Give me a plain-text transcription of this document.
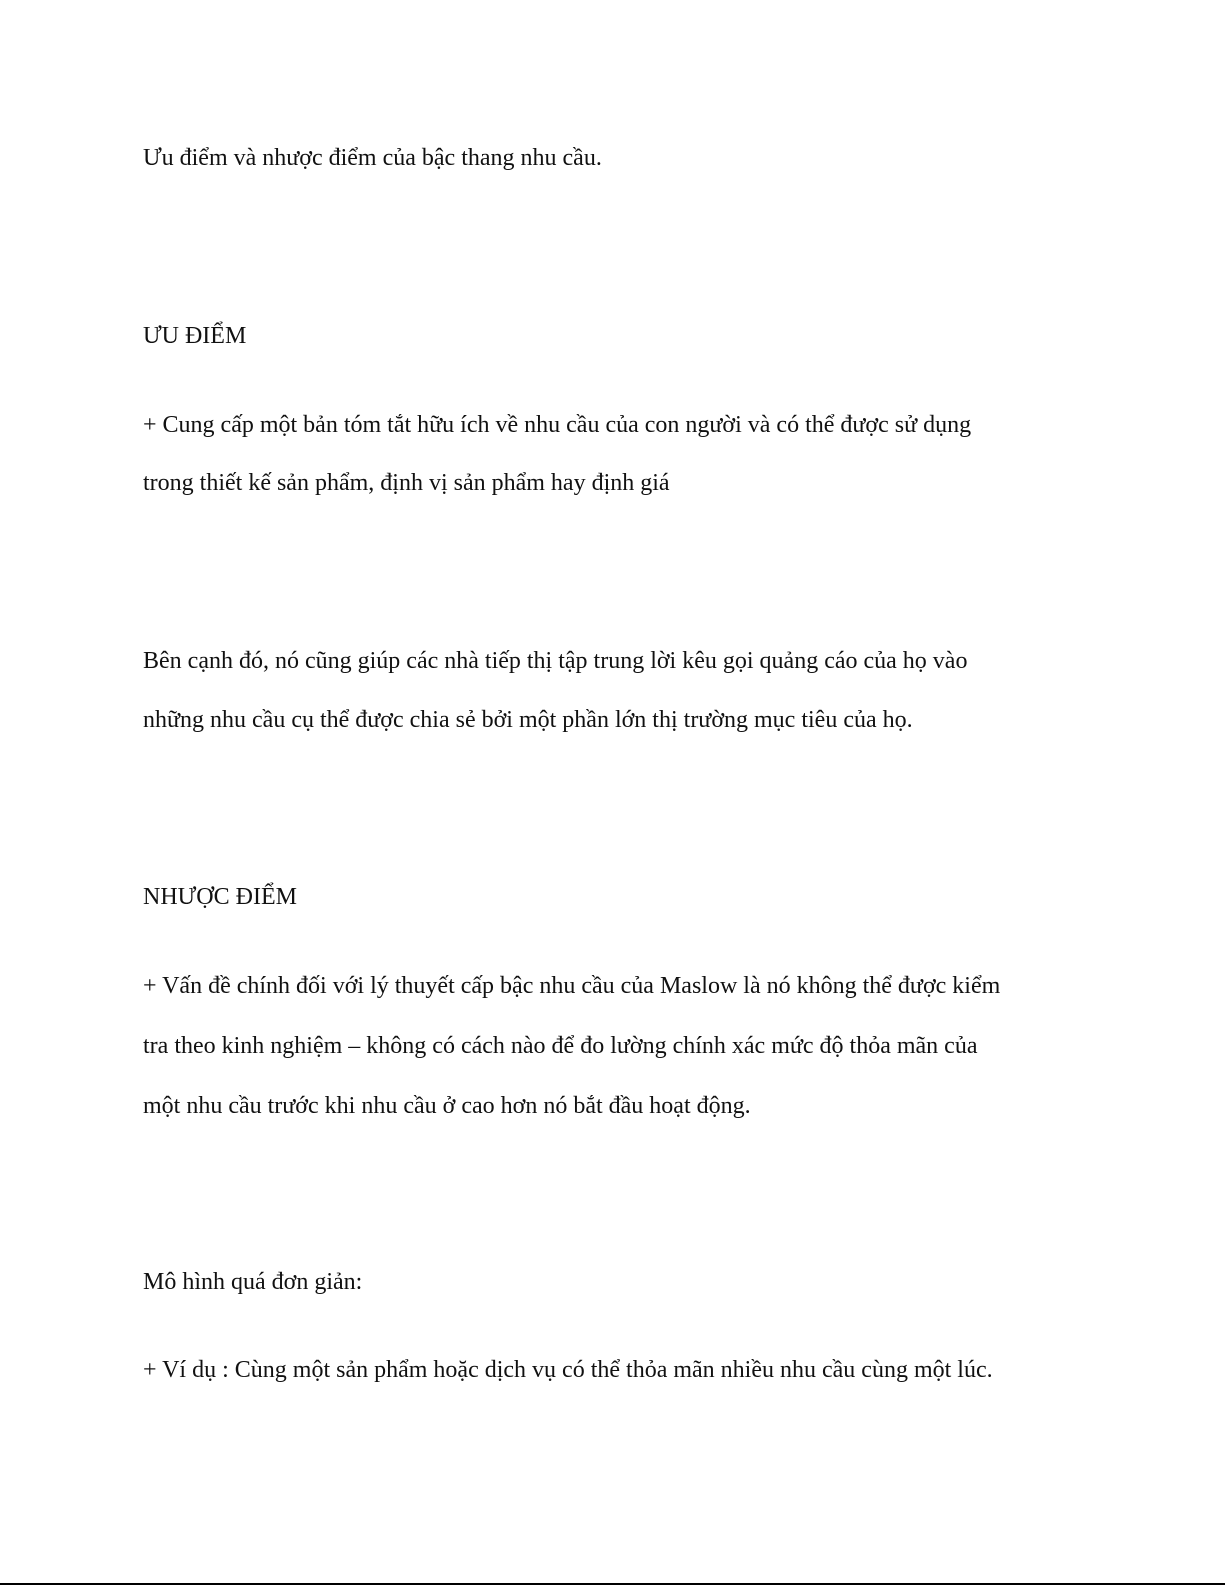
Ưu điểm và nhược điểm của bậc thang nhu cầu.
ƯU ĐIỂM
+ Cung cấp một bản tóm tắt hữu ích về nhu cầu của con người và có thể được sử dụng
trong thiết kế sản phẩm, định vị sản phẩm hay định giá
Bên cạnh đó, nó cũng giúp các nhà tiếp thị tập trung lời kêu gọi quảng cáo của họ vào
những nhu cầu cụ thể được chia sẻ bởi một phần lớn thị trường mục tiêu của họ.
NHƯỢC ĐIỂM
+ Vấn đề chính đối với lý thuyết cấp bậc nhu cầu của Maslow là nó không thể được kiểm
tra theo kinh nghiệm – không có cách nào để đo lường chính xác mức độ thỏa mãn của
một nhu cầu trước khi nhu cầu ở cao hơn nó bắt đầu hoạt động.
Mô hình quá đơn giản:
+ Ví dụ : Cùng một sản phẩm hoặc dịch vụ có thể thỏa mãn nhiều nhu cầu cùng một lúc.
